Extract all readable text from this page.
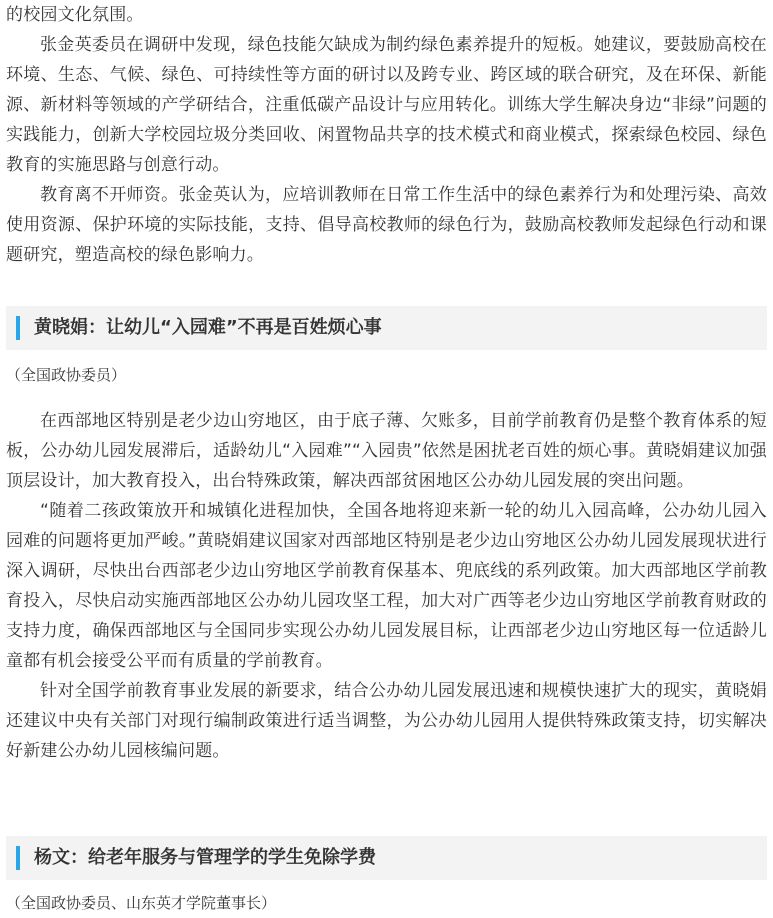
的校园文化氛围。

张金英委员在调研中发现，绿色技能欠缺成为制约绿色素养提升的短板。她建议，要鼓励高校在环境、生态、气候、绿色、可持续性等方面的研讨以及跨专业、跨区域的联合研究，及在环保、新能源、新材料等领域的产学研结合，注重低碳产品设计与应用转化。训练大学生解决身边“非绿”问题的实践能力，创新大学校园垃圾分类回收、闲置物品共享的技术模式和商业模式，探索绿色校园、绿色教育的实施思路与创意行动。

教育离不开师资。张金英认为，应培训教师在日常工作生活中的绿色素养行为和处理污染、高效使用资源、保护环境的实际技能，支持、倡导高校教师的绿色行为，鼓励高校教师发起绿色行动和课题研究，塑造高校的绿色影响力。

黄晓娟：让幼儿“入园难”不再是百姓烦心事
（全国政协委员）

在西部地区特别是老少边山穷地区，由于底子薄、欠账多，目前学前教育仍是整个教育体系的短板，公办幼儿园发展滞后，适龄幼儿“入园难”“入园贵”依然是困扰老百姓的烦心事。黄晓娟建议加强顶层设计，加大教育投入，出台特殊政策，解决西部贫困地区公办幼儿园发展的突出问题。

“随着二孩政策放开和城镇化进程加快，全国各地将迎来新一轮的幼儿入园高峰，公办幼儿园入园难的问题将更加严峻。”黄晓娟建议国家对西部地区特别是老少边山穷地区公办幼儿园发展现状进行深入调研，尽快出台西部老少边山穷地区学前教育保基本、兜底线的系列政策。加大西部地区学前教育投入，尽快启动实施西部地区公办幼儿园攻坚工程，加大对广西等老少边山穷地区学前教育财政的支持力度，确保西部地区与全国同步实现公办幼儿园发展目标，让西部老少边山穷地区每一位适龄儿童都有机会接受公平而有质量的学前教育。

针对全国学前教育事业发展的新要求，结合公办幼儿园发展迅速和规模快速扩大的现实，黄晓娟还建议中央有关部门对现行编制政策进行适当调整，为公办幼儿园用人提供特殊政策支持，切实解决好新建公办幼儿园核编问题。

杨文：给老年服务与管理学的学生免除学费
（全国政协委员、山东英才学院董事长）
